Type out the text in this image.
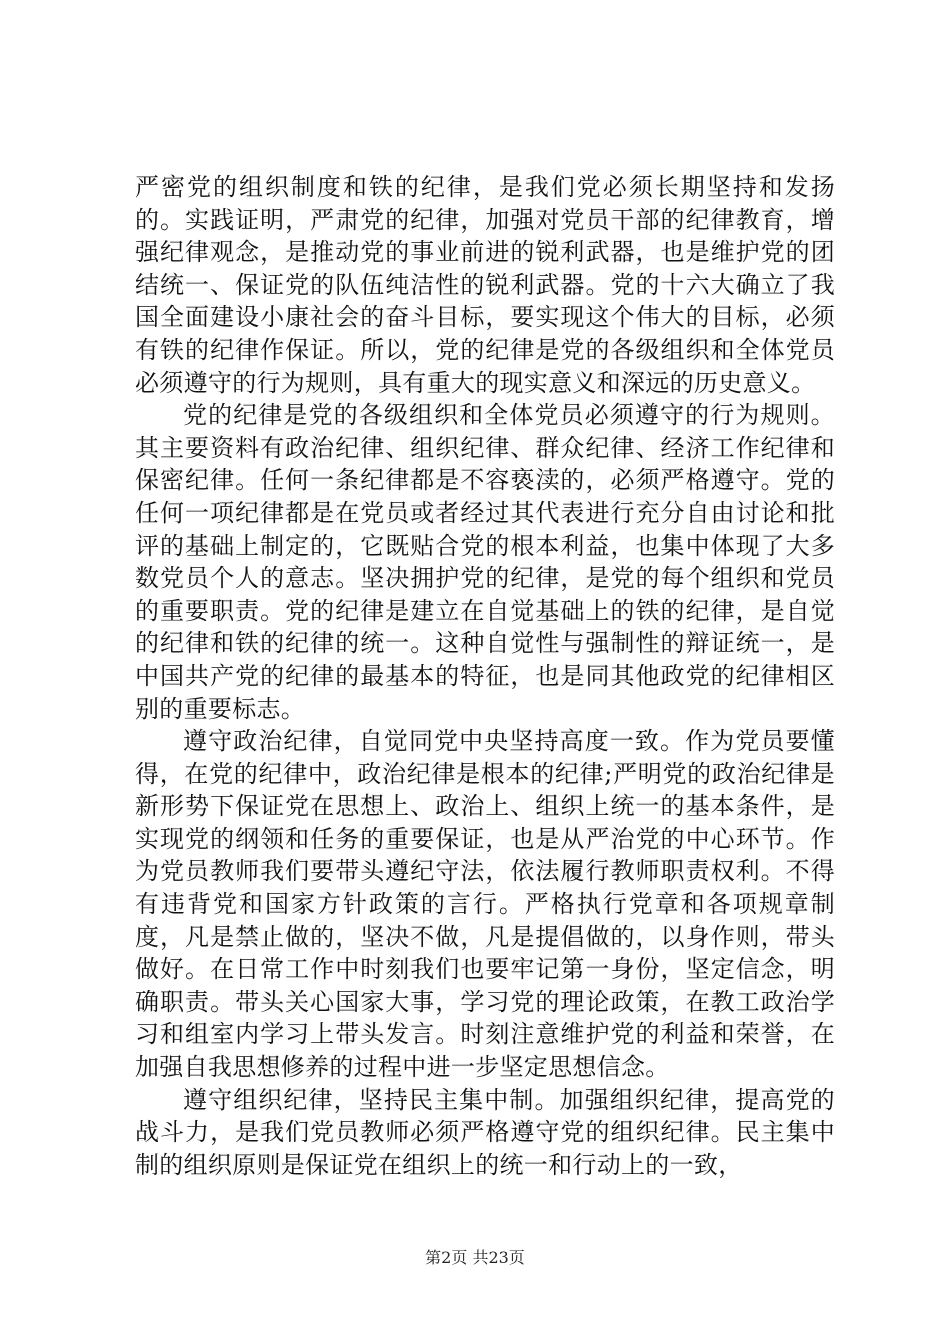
严密党的组织制度和铁的纪律，是我们党必须长期坚持和发扬的。实践证明，严肃党的纪律，加强对党员干部的纪律教育，增强纪律观念，是推动党的事业前进的锐利武器，也是维护党的团结统一、保证党的队伍纯洁性的锐利武器。党的十六大确立了我国全面建设小康社会的奋斗目标，要实现这个伟大的目标，必须有铁的纪律作保证。所以，党的纪律是党的各级组织和全体党员必须遵守的行为规则，具有重大的现实意义和深远的历史意义。

党的纪律是党的各级组织和全体党员必须遵守的行为规则。其主要资料有政治纪律、组织纪律、群众纪律、经济工作纪律和保密纪律。任何一条纪律都是不容亵渎的，必须严格遵守。党的任何一项纪律都是在党员或者经过其代表进行充分自由讨论和批评的基础上制定的，它既贴合党的根本利益，也集中体现了大多数党员个人的意志。坚决拥护党的纪律，是党的每个组织和党员的重要职责。党的纪律是建立在自觉基础上的铁的纪律，是自觉的纪律和铁的纪律的统一。这种自觉性与强制性的辩证统一，是中国共产党的纪律的最基本的特征，也是同其他政党的纪律相区别的重要标志。

遵守政治纪律，自觉同党中央坚持高度一致。作为党员要懂得，在党的纪律中，政治纪律是根本的纪律;严明党的政治纪律是新形势下保证党在思想上、政治上、组织上统一的基本条件，是实现党的纲领和任务的重要保证，也是从严治党的中心环节。作为党员教师我们要带头遵纪守法，依法履行教师职责权利。不得有违背党和国家方针政策的言行。严格执行党章和各项规章制度，凡是禁止做的，坚决不做，凡是提倡做的，以身作则，带头做好。在日常工作中时刻我们也要牢记第一身份，坚定信念，明确职责。带头关心国家大事，学习党的理论政策，在教工政治学习和组室内学习上带头发言。时刻注意维护党的利益和荣誉，在加强自我思想修养的过程中进一步坚定思想信念。

遵守组织纪律，坚持民主集中制。加强组织纪律，提高党的战斗力，是我们党员教师必须严格遵守党的组织纪律。民主集中制的组织原则是保证党在组织上的统一和行动上的一致，

第2页 共23页
